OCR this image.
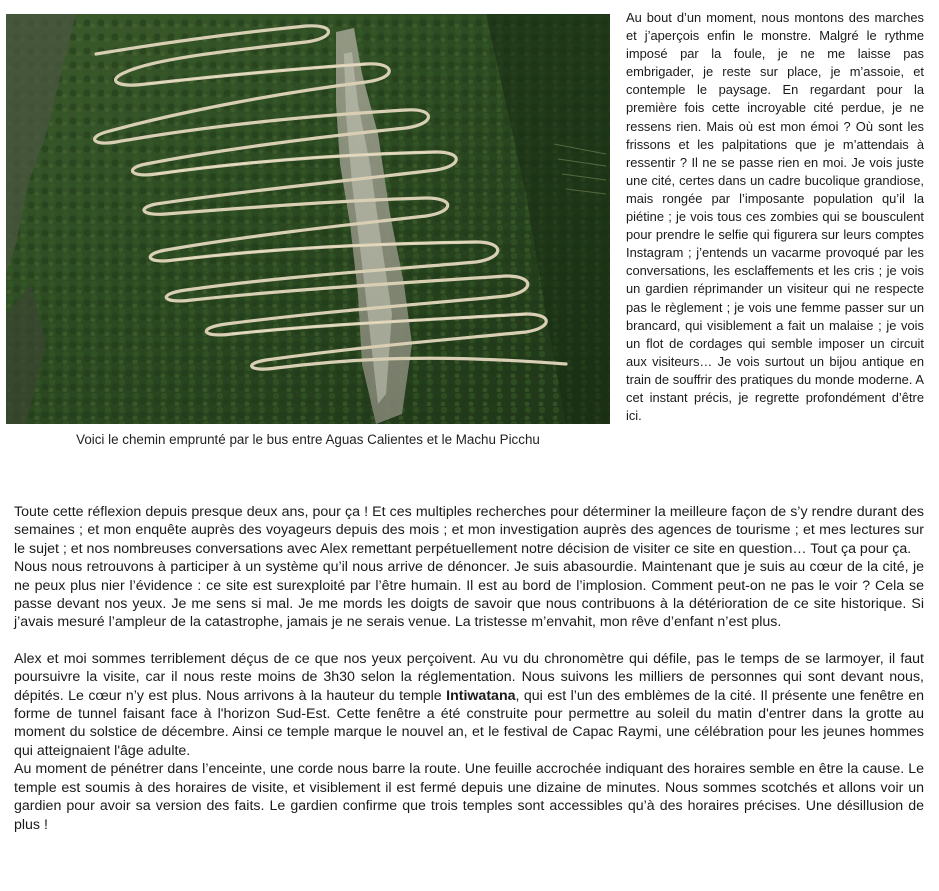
Voici le chemin emprunté par le bus entre Aguas Calientes et le Machu Picchu
Au bout d’un moment, nous montons des marches et j’aperçois enfin le monstre. Malgré le rythme imposé par la foule, je ne me laisse pas embrigader, je reste sur place, je m’assoie, et contemple le paysage. En regardant pour la première fois cette incroyable cité perdue, je ne ressens rien. Mais où est mon émoi ? Où sont les frissons et les palpitations que je m’attendais à ressentir ? Il ne se passe rien en moi. Je vois juste une cité, certes dans un cadre bucolique grandiose, mais rongée par l’imposante population qu’il la piétine ; je vois tous ces zombies qui se bousculent pour prendre le selfie qui figurera sur leurs comptes Instagram ; j’entends un vacarme provoqué par les conversations, les esclaffements et les cris ; je vois un gardien réprimander un visiteur qui ne respecte pas le règlement ; je vois une femme passer sur un brancard, qui visiblement a fait un malaise ; je vois un flot de cordages qui semble imposer un circuit aux visiteurs… Je vois surtout un bijou antique en train de souffrir des pratiques du monde moderne. A cet instant précis, je regrette profondément d’être ici.

Toute cette réflexion depuis presque deux ans, pour ça ! Et ces multiples recherches pour déterminer la meilleure façon de s’y rendre durant des semaines ; et mon enquête auprès des voyageurs depuis des mois ; et mon investigation auprès des agences de tourisme ; et mes lectures sur le sujet ; et nos nombreuses conversations avec Alex remettant perpétuellement notre décision de visiter ce site en question… Tout ça pour ça.

Nous nous retrouvons à participer à un système qu’il nous arrive de dénoncer. Je suis abasourdie. Maintenant que je suis au cœur de la cité, je ne peux plus nier l’évidence : ce site est surexploité par l’être humain. Il est au bord de l’implosion. Comment peut-on ne pas le voir ? Cela se passe devant nos yeux. Je me sens si mal. Je me mords les doigts de savoir que nous contribuons à la détérioration de ce site historique. Si j’avais mesuré l’ampleur de la catastrophe, jamais je ne serais venue. La tristesse m’envahit, mon rêve d’enfant n’est plus.

Alex et moi sommes terriblement déçus de ce que nos yeux perçoivent. Au vu du chronomètre qui défile, pas le temps de se larmoyer, il faut poursuivre la visite, car il nous reste moins de 3h30 selon la réglementation. Nous suivons les milliers de personnes qui sont devant nous, dépités. Le cœur n’y est plus. Nous arrivons à la hauteur du temple Intiwatana, qui est l’un des emblèmes de la cité. Il présente une fenêtre en forme de tunnel faisant face à l'horizon Sud-Est. Cette fenêtre a été construite pour permettre au soleil du matin d'entrer dans la grotte au moment du solstice de décembre. Ainsi ce temple marque le nouvel an, et le festival de Capac Raymi, une célébration pour les jeunes hommes qui atteignaient l'âge adulte.

Au moment de pénétrer dans l’enceinte, une corde nous barre la route. Une feuille accrochée indiquant des horaires semble en être la cause. Le temple est soumis à des horaires de visite, et visiblement il est fermé depuis une dizaine de minutes. Nous sommes scotchés et allons voir un gardien pour avoir sa version des faits. Le gardien confirme que trois temples sont accessibles qu’à des horaires précises. Une désillusion de plus !
